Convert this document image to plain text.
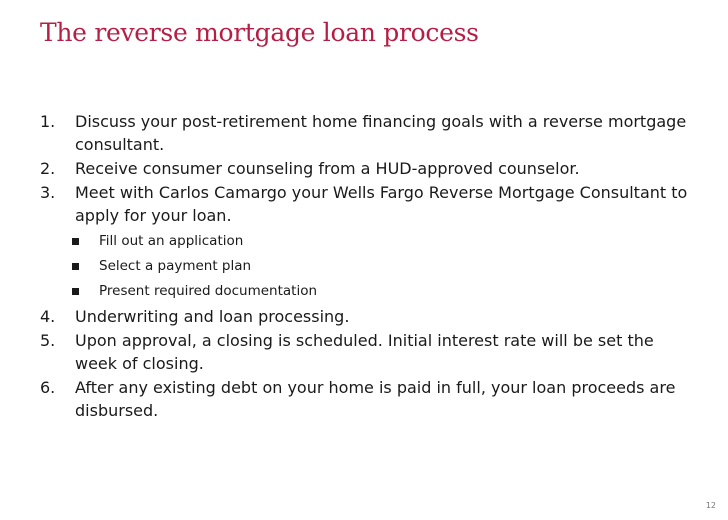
The reverse mortgage loan process
1.	Discuss your post-retirement home financing goals with a reverse mortgage consultant.
2.	Receive consumer counseling from a HUD-approved counselor.
3.	Meet with Carlos Camargo your Wells Fargo Reverse Mortgage Consultant to apply for your loan.
Fill out an application
Select a payment plan
Present required documentation
4.	Underwriting and loan processing.
5.	Upon approval, a closing is scheduled. Initial interest rate will be set the week of closing.
6.	After any existing debt on your home is paid in full, your loan proceeds are disbursed.
12
